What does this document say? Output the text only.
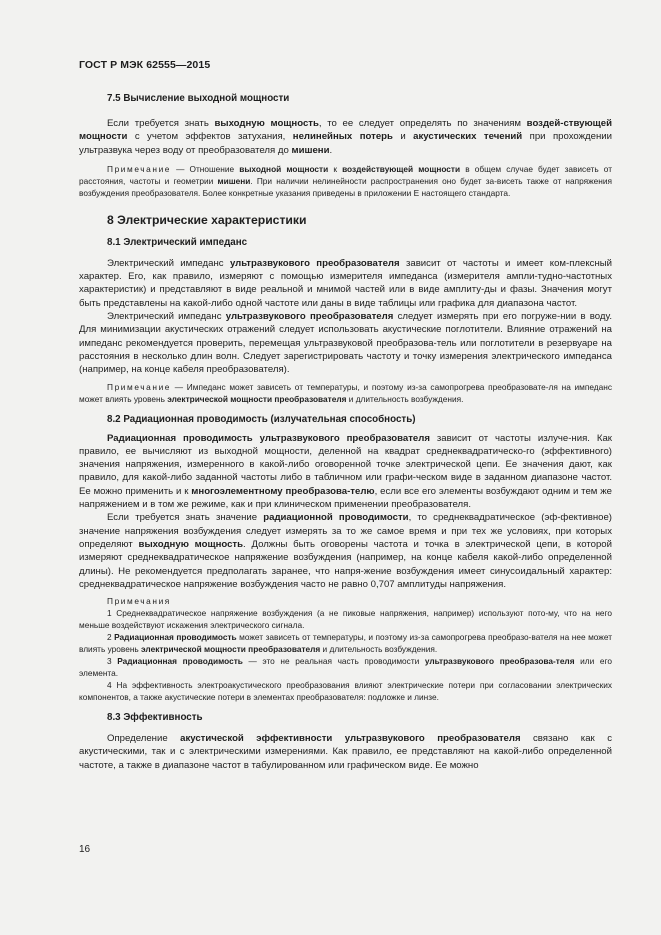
ГОСТ Р МЭК 62555—2015
7.5 Вычисление выходной мощности

Если требуется знать выходную мощность, то ее следует определять по значениям воздей-ствующей мощности с учетом эффектов затухания, нелинейных потерь и акустических течений при прохождении ультразвука через воду от преобразователя до мишени.

Примечание — Отношение выходной мощности к воздействующей мощности в общем случае будет зависеть от расстояния, частоты и геометрии мишени. При наличии нелинейности распространения оно будет за-висеть также от напряжения возбуждения преобразователя. Более конкретные указания приведены в приложении Е настоящего стандарта.

8 Электрические характеристики
8.1 Электрический импеданс

Электрический импеданс ультразвукового преобразователя зависит от частоты и имеет ком-плексный характер. Его, как правило, измеряют с помощью измерителя импеданса (измерителя ампли-тудно-частотных характеристик) и представляют в виде реальной и мнимой частей или в виде амплиту-ды и фазы. Значения могут быть представлены на какой-либо одной частоте или даны в виде таблицы или графика для диапазона частот.

Электрический импеданс ультразвукового преобразователя следует измерять при его погруже-нии в воду. Для минимизации акустических отражений следует использовать акустические поглотители. Влияние отражений на импеданс рекомендуется проверить, перемещая ультразвуковой преобразова-тель или поглотители в резервуаре на расстояния в несколько длин волн. Следует зарегистрировать частоту и точку измерения электрического импеданса (например, на конце кабеля преобразователя).

Примечание — Импеданс может зависеть от температуры, и поэтому из-за самопрогрева преобразовате-ля на импеданс может влиять уровень электрической мощности преобразователя и длительность возбуждения.

8.2 Радиационная проводимость (излучательная способность)

Радиационная проводимость ультразвукового преобразователя зависит от частоты излуче-ния. Как правило, ее вычисляют из выходной мощности, деленной на квадрат среднеквадратическо-го (эффективного) значения напряжения, измеренного в какой-либо оговоренной точке электрической цепи. Ее значения дают, как правило, для какой-либо заданной частоты либо в табличном или графи-ческом виде в заданном диапазоне частот. Ее можно применить и к многоэлементному преобразова-телю, если все его элементы возбуждают одним и тем же напряжением и в том же режиме, как и при клиническом применении преобразователя.

Если требуется знать значение радиационной проводимости, то среднеквадратическое (эф-фективное) значение напряжения возбуждения следует измерять за то же самое время и при тех же условиях, при которых определяют выходную мощность. Должны быть оговорены частота и точка в электрической цепи, в которой измеряют среднеквадратическое напряжение возбуждения (например, на конце кабеля какой-либо определенной длины). Не рекомендуется предполагать заранее, что напря-жение возбуждения имеет синусоидальный характер: среднеквадратическое напряжение возбуждения часто не равно 0,707 амплитуды напряжения.

Примечания

1 Среднеквадратическое напряжение возбуждения (а не пиковые напряжения, например) используют пото-му, что на него меньше воздействуют искажения электрического сигнала.

2 Радиационная проводимость может зависеть от температуры, и поэтому из-за самопрогрева преобразо-вателя на нее может влиять уровень электрической мощности преобразователя и длительность возбуждения.

3 Радиационная проводимость — это не реальная часть проводимости ультразвукового преобразова-теля или его элемента.

4 На эффективность электроакустического преобразования влияют электрические потери при согласовании электрических компонентов, а также акустические потери в элементах преобразователя: подложке и линзе.

8.3 Эффективность

Определение акустической эффективности ультразвукового преобразователя связано как с акустическими, так и с электрическими измерениями. Как правило, ее представляют на какой-либо определенной частоте, а также в диапазоне частот в табулированном или графическом виде. Ее можно

16
